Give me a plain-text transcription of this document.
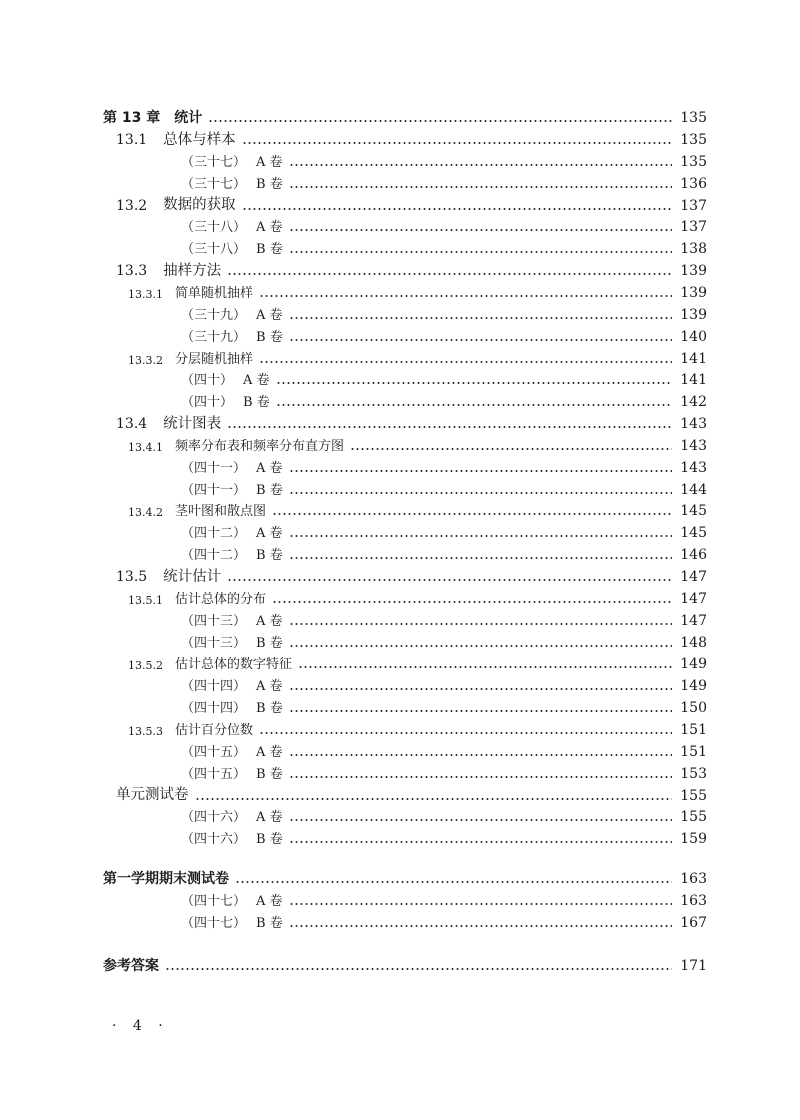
第 13 章 统计	135
13.1 总体与样本	135
（三十七） A 卷	135
（三十七） B 卷	136
13.2 数据的获取	137
（三十八） A 卷	137
（三十八） B 卷	138
13.3 抽样方法	139
13.3.1 简单随机抽样	139
（三十九） A 卷	139
（三十九） B 卷	140
13.3.2 分层随机抽样	141
（四十） A 卷	141
（四十） B 卷	142
13.4 统计图表	143
13.4.1 频率分布表和频率分布直方图	143
（四十一） A 卷	143
（四十一） B 卷	144
13.4.2 茎叶图和散点图	145
（四十二） A 卷	145
（四十二） B 卷	146
13.5 统计估计	147
13.5.1 估计总体的分布	147
（四十三） A 卷	147
（四十三） B 卷	148
13.5.2 估计总体的数字特征	149
（四十四） A 卷	149
（四十四） B 卷	150
13.5.3 估计百分位数	151
（四十五） A 卷	151
（四十五） B 卷	153
单元测试卷	155
（四十六） A 卷	155
（四十六） B 卷	159
第一学期期末测试卷	163
（四十七） A 卷	163
（四十七） B 卷	167
参考答案	171
· 4 ·
